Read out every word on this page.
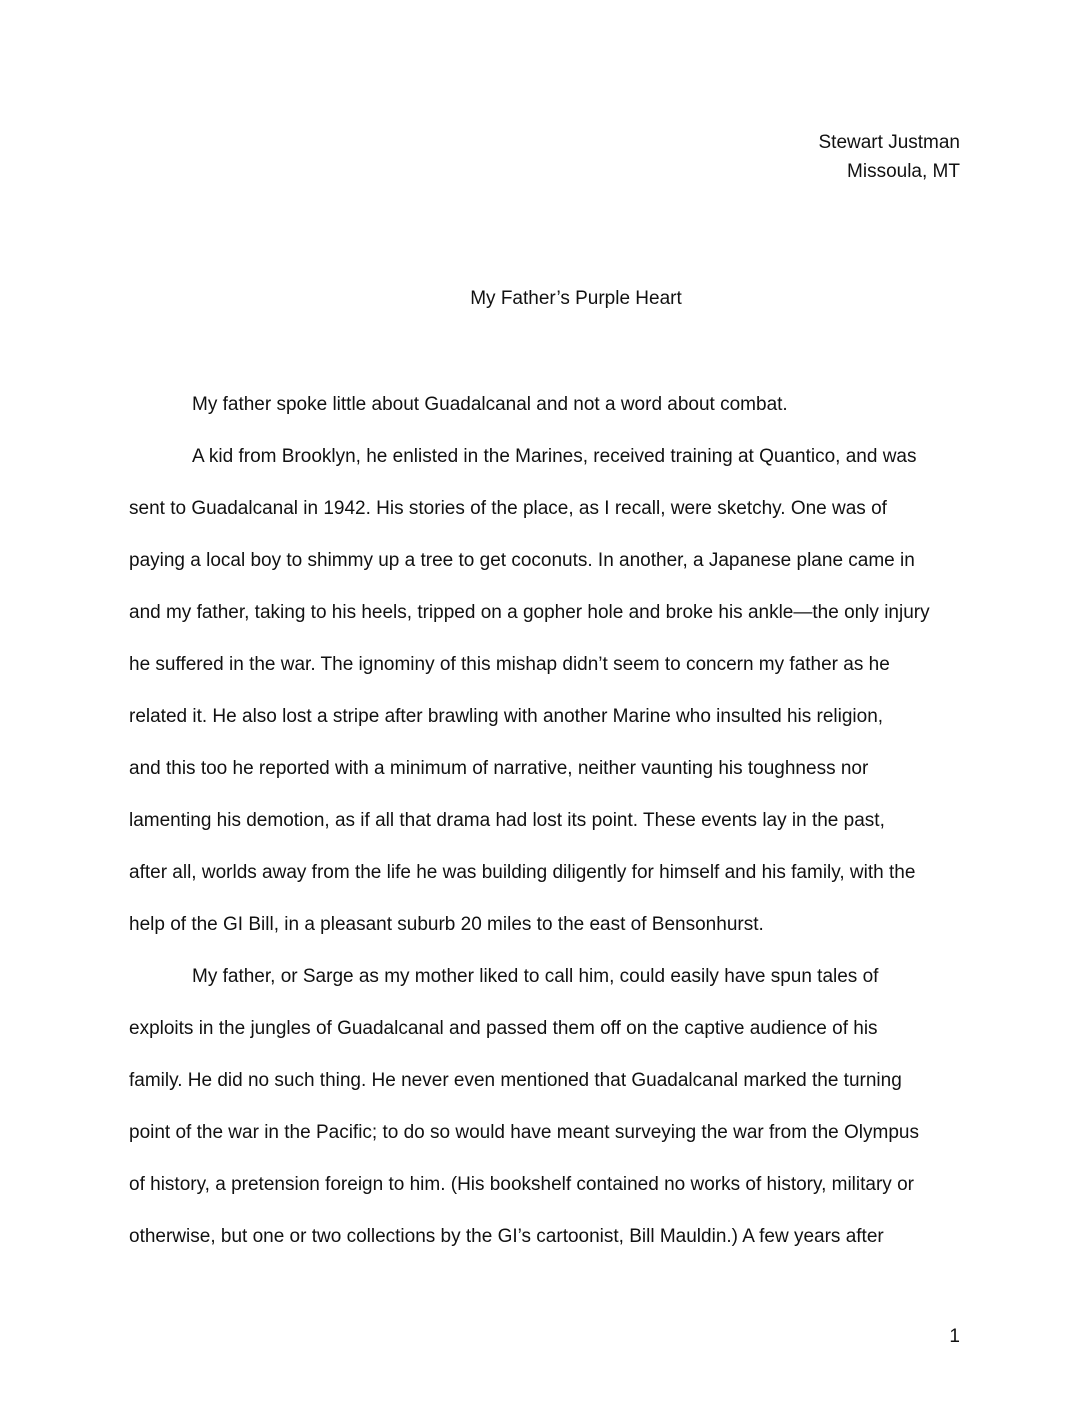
Stewart Justman
Missoula, MT
My Father’s Purple Heart
My father spoke little about Guadalcanal and not a word about combat.
A kid from Brooklyn, he enlisted in the Marines, received training at Quantico, and was
sent to Guadalcanal in 1942. His stories of the place, as I recall, were sketchy. One was of
paying a local boy to shimmy up a tree to get coconuts. In another, a Japanese plane came in
and my father, taking to his heels, tripped on a gopher hole and broke his ankle—the only injury
he suffered in the war. The ignominy of this mishap didn’t seem to concern my father as he
related it. He also lost a stripe after brawling with another Marine who insulted his religion,
and this too he reported with a minimum of narrative, neither vaunting his toughness nor
lamenting his demotion, as if all that drama had lost its point. These events lay in the past,
after all, worlds away from the life he was building diligently for himself and his family, with the
help of the GI Bill, in a pleasant suburb 20 miles to the east of Bensonhurst.
My father, or Sarge as my mother liked to call him, could easily have spun tales of
exploits in the jungles of Guadalcanal and passed them off on the captive audience of his
family. He did no such thing. He never even mentioned that Guadalcanal marked the turning
point of the war in the Pacific; to do so would have meant surveying the war from the Olympus
of history, a pretension foreign to him. (His bookshelf contained no works of history, military or
otherwise, but one or two collections by the GI’s cartoonist, Bill Mauldin.) A few years after
1
